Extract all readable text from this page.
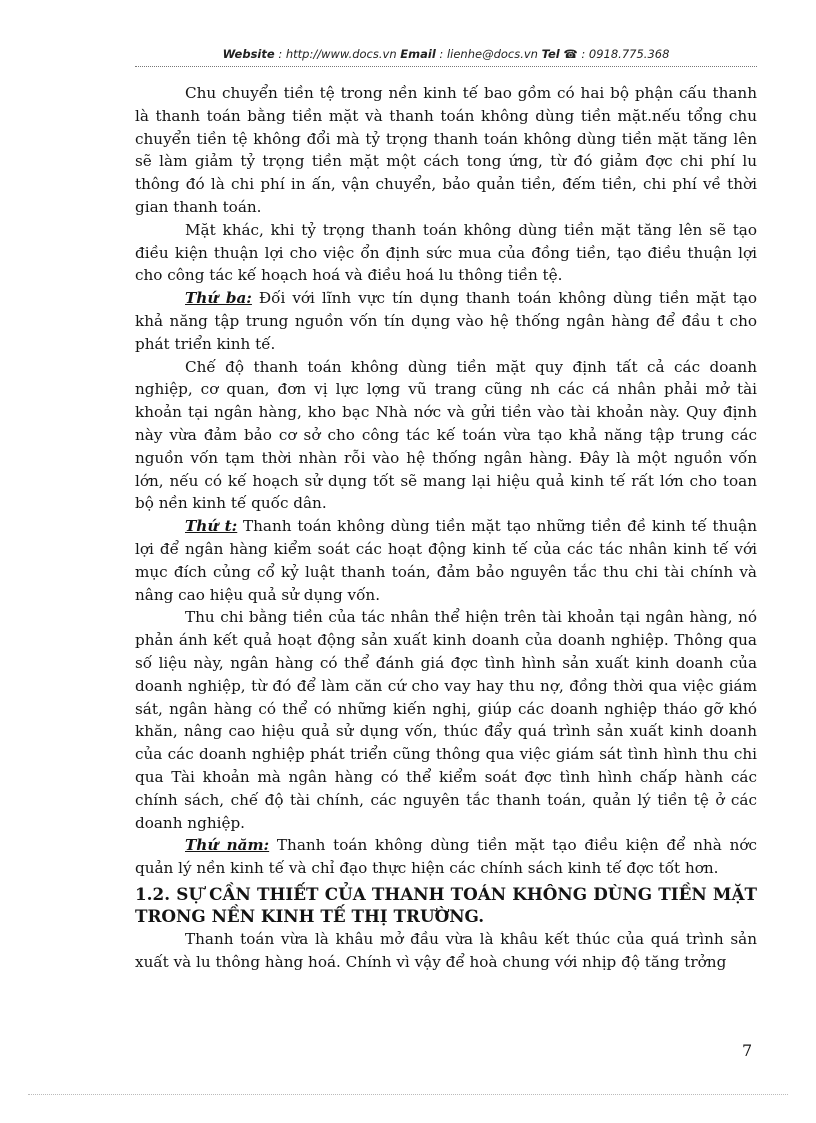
Website : http://www.docs.vn Email : lienhe@docs.vn Tel ☎ : 0918.775.368

Chu chuyển tiền tệ trong nền kinh tế bao gồm có hai bộ phận cấu thanh là thanh toán bằng tiền mặt và thanh toán không dùng tiền mặt.nếu tổng chu chuyển tiền tệ không đổi mà tỷ trọng thanh toán không dùng tiền mặt tăng lên sẽ làm giảm tỷ trọng tiền mặt một cách tong ứng, từ đó giảm đợc chi phí lu thông đó là chi phí in ấn, vận chuyển, bảo quản tiền, đếm tiền, chi phí về thời gian thanh toán.

Mặt khác, khi tỷ trọng thanh toán không dùng tiền mặt tăng lên sẽ tạo điều kiện thuận lợi cho việc ổn định sức mua của đồng tiền, tạo điều thuận lợi cho công tác kế hoạch hoá và điều hoá lu thông tiền tệ.

Thứ ba: Đối với lĩnh vực tín dụng thanh toán không dùng tiền mặt tạo khả năng tập trung nguồn vốn tín dụng vào hệ thống ngân hàng để đầu t cho phát triển kinh tế.

Chế độ thanh toán không dùng tiền mặt quy định tất cả các doanh nghiệp, cơ quan, đơn vị lực lợng vũ trang cũng nh các cá nhân phải mở tài khoản tại ngân hàng, kho bạc Nhà nớc và gửi tiền vào tài khoản này. Quy định này vừa đảm bảo cơ sở cho công tác kế toán vừa tạo khả năng tập trung các nguồn vốn tạm thời nhàn rỗi vào hệ thống ngân hàng. Đây là một nguồn vốn lớn, nếu có kế hoạch sử dụng tốt sẽ mang lại hiệu quả kinh tế rất lớn cho toan bộ nền kinh tế quốc dân.

Thứ t: Thanh toán không dùng tiền mặt tạo những tiền đề kinh tế thuận lợi để ngân hàng kiểm soát các hoạt động kinh tế của các tác nhân kinh tế với mục đích củng cổ kỷ luật thanh toán, đảm bảo nguyên tắc thu chi tài chính và nâng cao hiệu quả sử dụng vốn.

Thu chi bằng tiền của tác nhân thể hiện trên tài khoản tại ngân hàng, nó phản ánh kết quả hoạt động sản xuất kinh doanh của doanh nghiệp. Thông qua số liệu này, ngân hàng có thể đánh giá đợc tình hình sản xuất kinh doanh của doanh nghiệp, từ đó để làm căn cứ cho vay hay thu nợ, đồng thời qua việc giám sát, ngân hàng có thể có những kiến nghị, giúp các doanh nghiệp tháo gỡ khó khăn, nâng cao hiệu quả sử dụng vốn, thúc đẩy quá trình sản xuất kinh doanh của các doanh nghiệp phát triển cũng thông qua việc giám sát tình hình thu chi qua Tài khoản mà ngân hàng có thể kiểm soát đợc tình hình chấp hành các chính sách, chế độ tài chính, các nguyên tắc thanh toán, quản lý tiền tệ ở các doanh nghiệp.

Thứ năm: Thanh toán không dùng tiền mặt tạo điều kiện để nhà nớc quản lý nền kinh tế và chỉ đạo thực hiện các chính sách kinh tế đợc tốt hơn.

1.2. SỰ CẦN THIẾT CỦA THANH TOÁN KHÔNG DÙNG TIỀN MẶT TRONG NỀN KINH TẾ THỊ TRƯỜNG.

Thanh toán vừa là khâu mở đầu vừa là khâu kết thúc của quá trình sản xuất và lu thông hàng hoá. Chính vì vậy để hoà chung với nhịp độ tăng trởng

7
